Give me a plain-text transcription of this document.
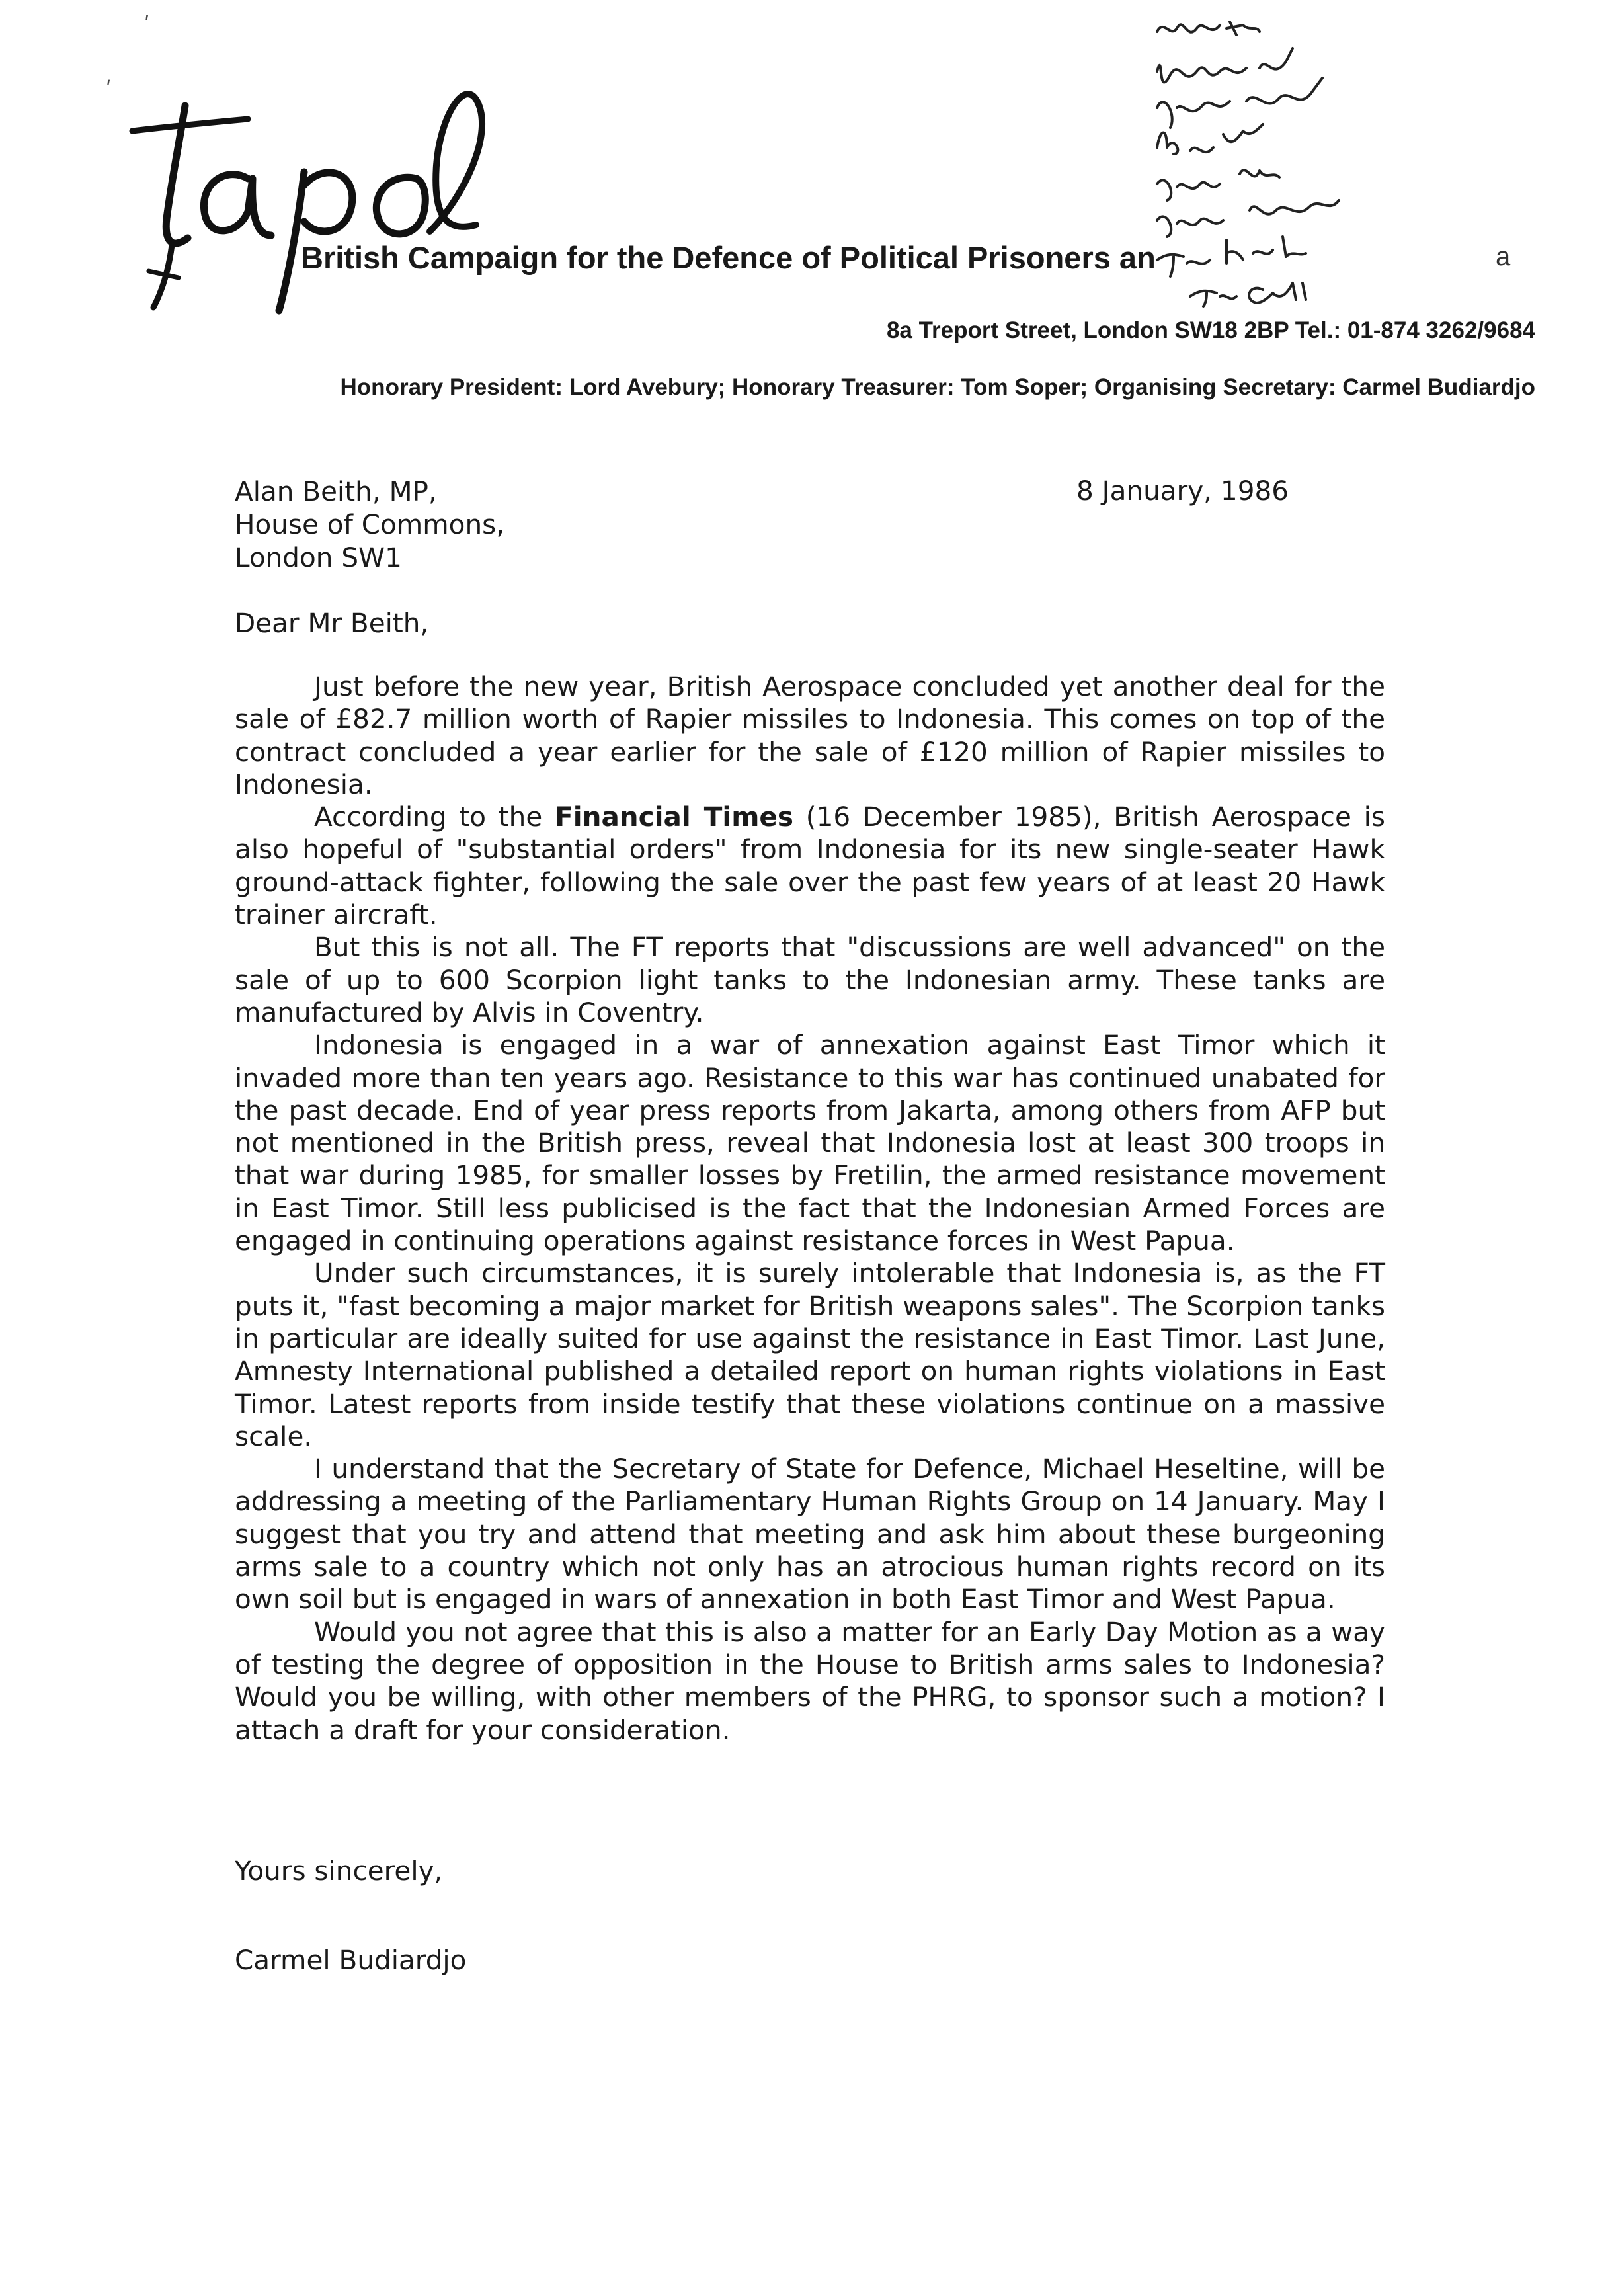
British Campaign for the Defence of Political Prisoners an	a
8a Treport Street, London SW18 2BP Tel.: 01-874 3262/9684
Honorary President: Lord Avebury; Honorary Treasurer: Tom Soper; Organising Secretary: Carmel Budiardjo
ʹ
ʹ
Alan Beith, MP,
House of Commons,
London SW1
8 January, 1986
Dear Mr Beith,

Just before the new year, British Aerospace concluded yet another deal for the sale of £82.7 million worth of Rapier missiles to Indonesia. This comes on top of the contract concluded a year earlier for the sale of £120 million of Rapier missiles to Indonesia.

According to the Financial Times (16 December 1985), British Aerospace is also hopeful of "substantial orders" from Indonesia for its new single-seater Hawk ground-attack fighter, following the sale over the past few years of at least 20 Hawk trainer aircraft.

But this is not all. The FT reports that "discussions are well advanced" on the sale of up to 600 Scorpion light tanks to the Indonesian army. These tanks are manufactured by Alvis in Coventry.

Indonesia is engaged in a war of annexation against East Timor which it invaded more than ten years ago. Resistance to this war has continued unabated for the past decade. End of year press reports from Jakarta, among others from AFP but not mentioned in the British press, reveal that Indonesia lost at least 300 troops in that war during 1985, for smaller losses by Fretilin, the armed resistance movement in East Timor. Still less publicised is the fact that the Indonesian Armed Forces are engaged in continuing operations against resistance forces in West Papua.

Under such circumstances, it is surely intolerable that Indonesia is, as the FT puts it, "fast becoming a major market for British weapons sales". The Scorpion tanks in particular are ideally suited for use against the resistance in East Timor. Last June, Amnesty International published a detailed report on human rights violations in East Timor. Latest reports from inside testify that these violations continue on a massive scale.

I understand that the Secretary of State for Defence, Michael Heseltine, will be addressing a meeting of the Parliamentary Human Rights Group on 14 January. May I suggest that you try and attend that meeting and ask him about these burgeoning arms sale to a country which not only has an atrocious human rights record on its own soil but is engaged in wars of annexation in both East Timor and West Papua.

Would you not agree that this is also a matter for an Early Day Motion as a way of testing the degree of opposition in the House to British arms sales to Indonesia? Would you be willing, with other members of the PHRG, to sponsor such a motion? I attach a draft for your consideration.

Yours sincerely,
Carmel Budiardjo
